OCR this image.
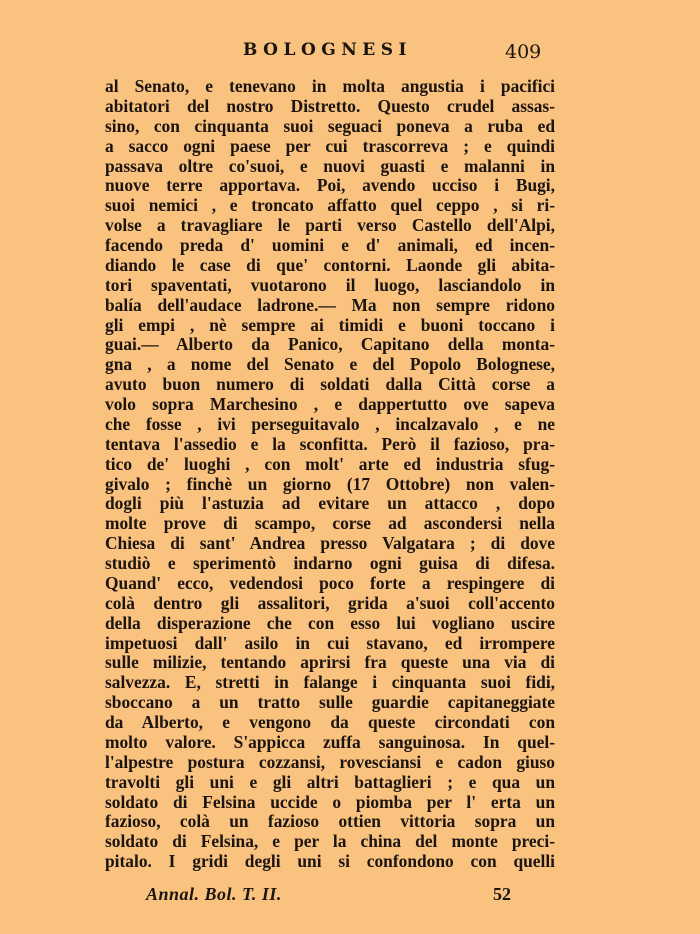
BOLOGNESI	409
al Senato, e tenevano in molta angustia i pacifici
abitatori del nostro Distretto. Questo crudel assas-
sino, con cinquanta suoi seguaci poneva a ruba ed
a sacco ogni paese per cui trascorreva ; e quindi
passava oltre co'suoi, e nuovi guasti e malanni in
nuove terre apportava. Poi, avendo ucciso i Bugi,
suoi nemici , e troncato affatto quel ceppo , si ri-
volse a travagliare le parti verso Castello dell'Alpi,
facendo preda d' uomini e d' animali, ed incen-
diando le case di que' contorni. Laonde gli abita-
tori spaventati, vuotarono il luogo, lasciandolo in
balía dell'audace ladrone.— Ma non sempre ridono
gli empi , nè sempre ai timidi e buoni toccano i
guai.— Alberto da Panico, Capitano della monta-
gna , a nome del Senato e del Popolo Bolognese,
avuto buon numero di soldati dalla Città corse a
volo sopra Marchesino , e dappertutto ove sapeva
che fosse , ivi perseguitavalo , incalzavalo , e ne
tentava l'assedio e la sconfitta. Però il fazioso, pra-
tico de' luoghi , con molt' arte ed industria sfug-
givalo ; finchè un giorno (17 Ottobre) non valen-
dogli più l'astuzia ad evitare un attacco , dopo
molte prove di scampo, corse ad ascondersi nella
Chiesa di sant' Andrea presso Valgatara ; di dove
studiò e sperimentò indarno ogni guisa di difesa.
Quand' ecco, vedendosi poco forte a respingere di
colà dentro gli assalitori, grida a'suoi coll'accento
della disperazione che con esso lui vogliano uscire
impetuosi dall' asilo in cui stavano, ed irrompere
sulle milizie, tentando aprirsi fra queste una via di
salvezza. E, stretti in falange i cinquanta suoi fidi,
sboccano a un tratto sulle guardie capitaneggiate
da Alberto, e vengono da queste circondati con
molto valore. S'appicca zuffa sanguinosa. In quel-
l'alpestre postura cozzansi, rovesciansi e cadon giuso
travolti gli uni e gli altri battaglieri ; e qua un
soldato di Felsina uccide o piomba per l' erta un
fazioso, colà un fazioso ottien vittoria sopra un
soldato di Felsina, e per la china del monte preci-
pitalo. I gridi degli uni si confondono con quelli
Annal. Bol. T. II.	52
